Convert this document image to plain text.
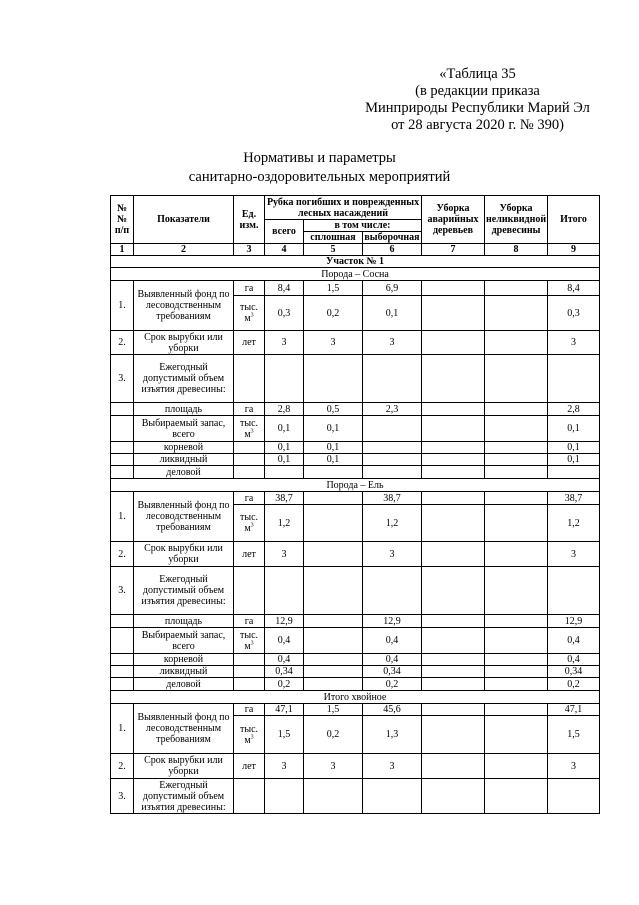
«Таблица 35
(в редакции приказа
Минприроды Республики Марий Эл
от 28 августа 2020 г. № 390)
Нормативы и параметры
санитарно-оздоровительных мероприятий
№ № п/п	Показатели	Ед. изм.	Рубка погибших и поврежденных лесных насаждений			Уборка аварийных деревьев	Уборка неликвидной древесины	Итого
			всего	в том числе:				
				сплошная	выборочная			
1	2	3	4	5	6	7	8	9
Участок № 1								
Порода – Сосна								
1.	Выявленный фонд по лесоводственным требованиям	га	8,4	1,5	6,9			8,4
		тыс. $м^3$	0,3	0,2	0,1			0,3
2.	Срок вырубки или уборки	лет	3	3	3			3
3.	Ежегодный допустимый объем изъятия древесины:							
	площадь	га	2,8	0,5	2,3			2,8
	Выбираемый запас, всего	тыс. $м^3$	0,1	0,1				0,1
	корневой		0,1	0,1				0,1
	ликвидный		0,1	0,1				0,1
	деловой							
Порода – Ель								
1.	Выявленный фонд по лесоводственным требованиям	га	38,7		38,7			38,7
		тыс. $м^3$	1,2		1,2			1,2
2.	Срок вырубки или уборки	лет	3		3			3
3.	Ежегодный допустимый объем изъятия древесины:							
	площадь	га	12,9		12,9			12,9
	Выбираемый запас, всего	тыс. $м^3$	0,4		0,4			0,4
	корневой		0,4		0,4			0,4
	ликвидный		0,34		0,34			0,34
	деловой		0,2		0,2			0,2
Итого хвойное								
1.	Выявленный фонд по лесоводственным требованиям	га	47,1	1,5	45,6			47,1
		тыс. $м^3$	1,5	0,2	1,3			1,5
2.	Срок вырубки или уборки	лет	3	3	3			3
3.	Ежегодный допустимый объем изъятия древесины:							
